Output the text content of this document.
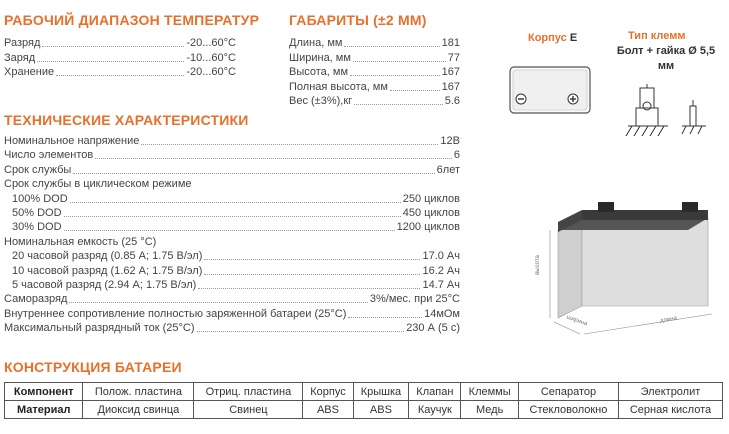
РАБОЧИЙ ДИАПАЗОН ТЕМПЕРАТУР
Разряд	-20...60°C
Заряд	-10...60°C
Хранение	-20...60°C
ГАБАРИТЫ (±2 ММ)
Длина, мм	181
Ширина, мм	77
Высота, мм	167
Полная высота, мм	167
Вес (±3%),кг	5.6
Корпус E	Тип клемм
Болт + гайка Ø 5,5
мм
ТЕХНИЧЕСКИЕ ХАРАКТЕРИСТИКИ
Номинальное напряжение	12В
Число элементов	6
Срок службы	6лет
Срок службы в циклическом режиме
100% DOD	250 циклов
50% DOD	450 циклов
30% DOD	1200 циклов
Номинальная емкость (25 °C)
20 часовой разряд (0.85 A; 1.75 В/эл)	17.0 Ач
10 часовой разряд (1.62 A; 1.75 В/эл)	16.2 Ач
5 часовой разряд (2.94 A; 1.75 В/эл)	14.7 Ач
Саморазряд	3%/мес. при 25°C
Внутреннее сопротивление полностью заряженной батареи (25°C)	14мОм
Максимальный разрядный ток (25°C)	230 А (5 с)
высота
ширина	длина
КОНСТРУКЦИЯ БАТАРЕИ
Компонент	Полож. пластина	Отриц. пластина	Корпус	Крышка	Клапан	Клеммы	Сепаратор	Электролит
Материал	Диоксид свинца	Свинец	ABS	ABS	Каучук	Медь	Стекловолокно	Серная кислота
